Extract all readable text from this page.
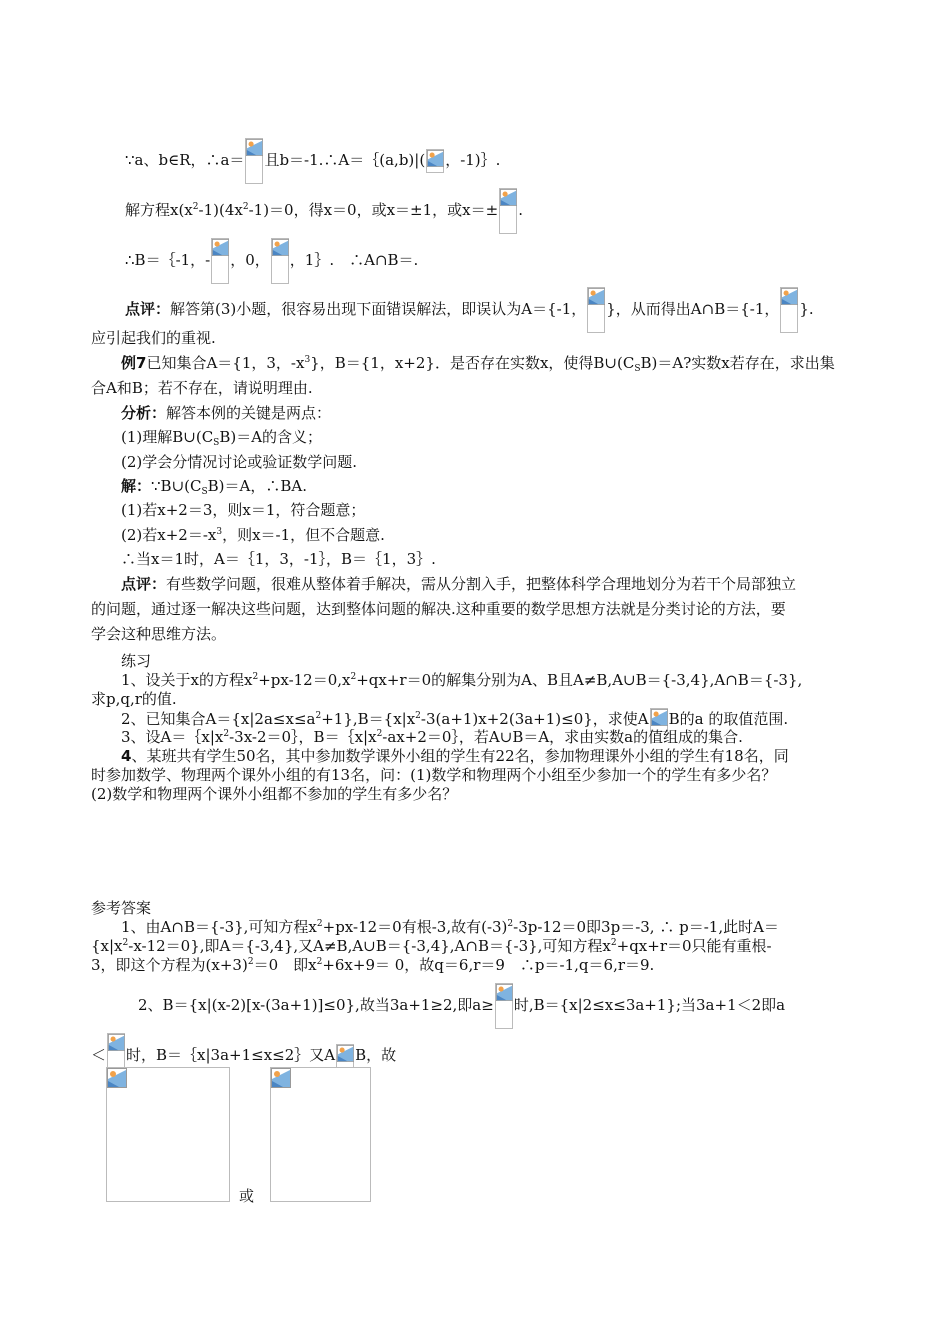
∵a、b∈R，∴a＝ 且b＝-1.∴A＝｛(a,b)|( ，-1)｝.
解方程$x(x^2-1)(4x^2-1)=0$，得x＝0，或x＝±1，或x＝± .
∴B＝｛-1，- ，0， ，1｝.　∴A∩B＝.
点评：解答第(3)小题，很容易出现下面错误解法，即误认为A＝{-1， }，从而得出A∩B＝{-1， }.
应引起我们的重视.
例7已知集合A＝{1，3，$-x^3$}，B＝{1，x+2}．是否存在实数x，使得$B\cup(C_SB)=A$?实数x若存在，求出集
合A和B；若不存在，请说明理由.
分析：解答本例的关键是两点：
(1)理解$B\cup(C_SB)=A$的含义；
(2)学会分情况讨论或验证数学问题.
解：$\because B\cup(C_SB)=A$，∴BA.
(1)若x+2＝3，则x＝1，符合题意；
(2)若$x+2=-x^3$，则x＝-1，但不合题意.
∴当x＝1时，A＝｛1，3，-1｝，B＝｛1，3｝.
点评：有些数学问题，很难从整体着手解决，需从分割入手，把整体科学合理地划分为若干个局部独立
的问题，通过逐一解决这些问题，达到整体问题的解决.这种重要的数学思想方法就是分类讨论的方法，要
学会这种思维方法。
练习
1、设关于x的方程$x^2+px-12=0,x^2+qx+r=0$的解集分别为A、B且A≠B,A∪B＝{-3,4},A∩B＝{-3},
求p,q,r的值.
2、已知集合$A=\{x|2a\le x\le a^2+1\},B=\{x|x^2-3(a+1)x+2(3a+1)\le 0\}$，求使A B的a 的取值范围.
3、设$A=\{x|x^2-3x-2=0\}$，$B=\{x|x^2-ax+2=0\}$，若A∪B＝A，求由实数a的值组成的集合.
4、某班共有学生50名，其中参加数学课外小组的学生有22名，参加物理课外小组的学生有18名，同
时参加数学、物理两个课外小组的有13名，问：(1)数学和物理两个小组至少参加一个的学生有多少名？
(2)数学和物理两个课外小组都不参加的学生有多少名？
参考答案
1、由A∩B＝{-3},可知方程$x^2+px-12=0$有根-3,故有$(-3)^2-3p-12=0$即3p＝-3, ∴ p＝-1,此时A＝
$\{x|x^2-x-12=0\}$,即A＝{-3,4},又A≠B,A∪B＝{-3,4},A∩B＝{-3},可知方程$x^2+qx+r=0$只能有重根-
3，即这个方程为$(x+3)^2=0$　即$x^2+6x+9= 0$，故q＝6,r＝9　∴p＝-1,q＝6,r＝9.
2、B＝{x|(x-2)[x-(3a+1)]≤0},故当3a+1≥2,即a≥ 时,B＝{x|2≤x≤3a+1};当3a+1＜2即a
＜ 时，B＝｛x|3a+1≤x≤2｝又A B，故
或
